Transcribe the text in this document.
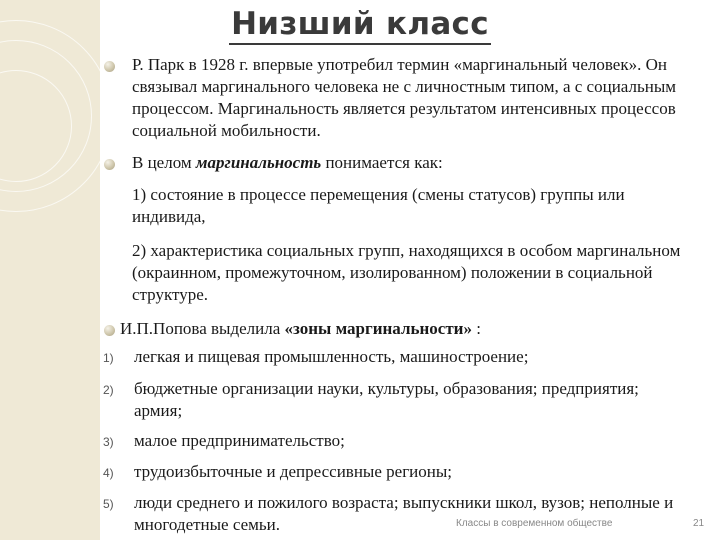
Низший класс
Р. Парк в 1928 г. впервые употребил термин «маргинальный человек». Он связывал маргинального человека не с личностным типом, а с социальным процессом. Маргинальность является результатом интенсивных процессов социальной мобильности.
В целом маргинальность понимается как:
1) состояние в процессе перемещения (смены статусов) группы или индивида,
2) характеристика социальных групп, находящихся в особом маргинальном (окраинном, промежуточном, изолированном) положении в социальной структуре.
И.П.Попова выделила «зоны маргинальности» :
1) легкая и пищевая промышленность, машиностроение;
2) бюджетные организации науки, культуры, образования; предприятия; армия;
3) малое предпринимательство;
4) трудоизбыточные и депрессивные регионы;
5) люди среднего и пожилого возраста; выпускники школ, вузов; неполные и многодетные семьи.	Классы в современном обществе	21
